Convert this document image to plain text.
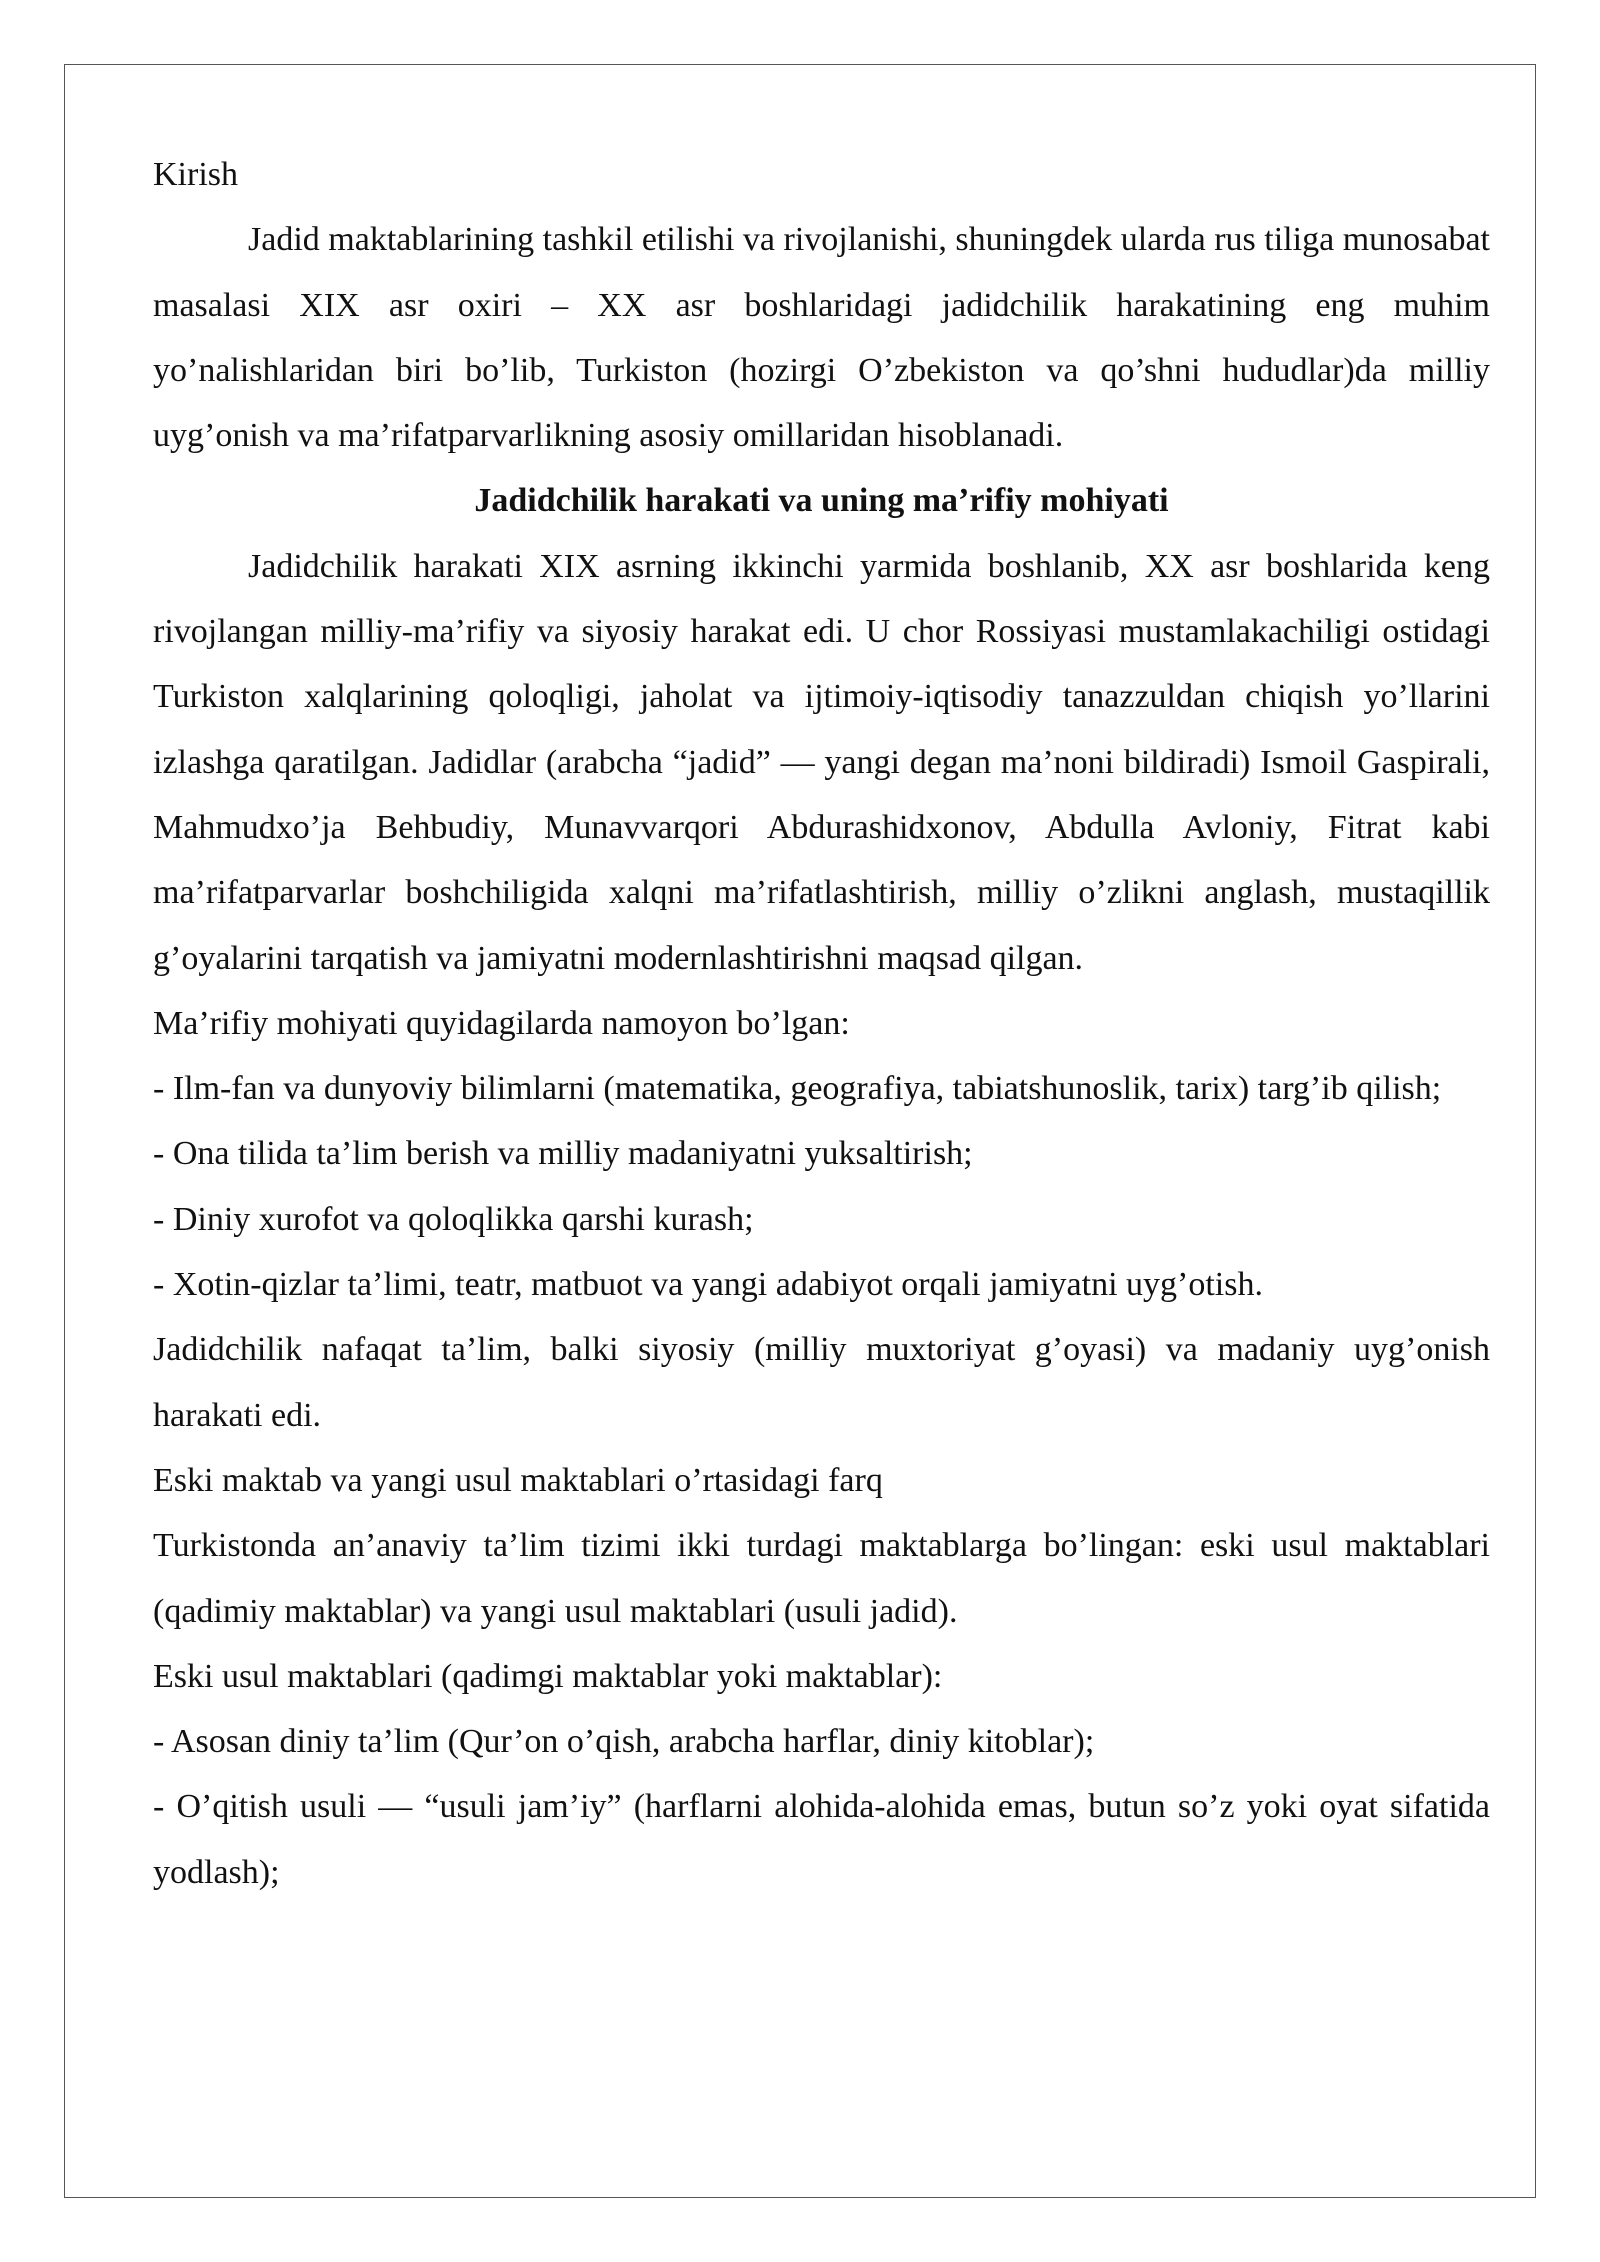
Kirish

Jadid maktablarining tashkil etilishi va rivojlanishi, shuningdek ularda rus tiliga munosabat masalasi XIX asr oxiri – XX asr boshlaridagi jadidchilik harakatining eng muhim yo’nalishlaridan biri bo’lib, Turkiston (hozirgi O’zbekiston va qo’shni hududlar)da milliy uyg’onish va ma’rifatparvarlikning asosiy omillaridan hisoblanadi.

Jadidchilik harakati va uning ma’rifiy mohiyati

Jadidchilik harakati XIX asrning ikkinchi yarmida boshlanib, XX asr boshlarida keng rivojlangan milliy-ma’rifiy va siyosiy harakat edi. U chor Rossiyasi mustamlakachiligi ostidagi Turkiston xalqlarining qoloqligi, jaholat va ijtimoiy-iqtisodiy tanazzuldan chiqish yo’llarini izlashga qaratilgan. Jadidlar (arabcha “jadid” — yangi degan ma’noni bildiradi) Ismoil Gaspirali, Mahmudxo’ja Behbudiy, Munavvarqori Abdurashidxonov, Abdulla Avloniy, Fitrat kabi ma’rifatparvarlar boshchiligida xalqni ma’rifatlashtirish, milliy o’zlikni anglash, mustaqillik g’oyalarini tarqatish va jamiyatni modernlashtirishni maqsad qilgan.

Ma’rifiy mohiyati quyidagilarda namoyon bo’lgan:

- Ilm-fan va dunyoviy bilimlarni (matematika, geografiya, tabiatshunoslik, tarix) targ’ib qilish;

- Ona tilida ta’lim berish va milliy madaniyatni yuksaltirish;

- Diniy xurofot va qoloqlikka qarshi kurash;

- Xotin-qizlar ta’limi, teatr, matbuot va yangi adabiyot orqali jamiyatni uyg’otish.

Jadidchilik nafaqat ta’lim, balki siyosiy (milliy muxtoriyat g’oyasi) va madaniy uyg’onish harakati edi.

Eski maktab va yangi usul maktablari o’rtasidagi farq

Turkistonda an’anaviy ta’lim tizimi ikki turdagi maktablarga bo’lingan: eski usul maktablari (qadimiy maktablar) va yangi usul maktablari (usuli jadid).

Eski usul maktablari (qadimgi maktablar yoki maktablar):

- Asosan diniy ta’lim (Qur’on o’qish, arabcha harflar, diniy kitoblar);

- O’qitish usuli — “usuli jam’iy” (harflarni alohida-alohida emas, butun so’z yoki oyat sifatida yodlash);
